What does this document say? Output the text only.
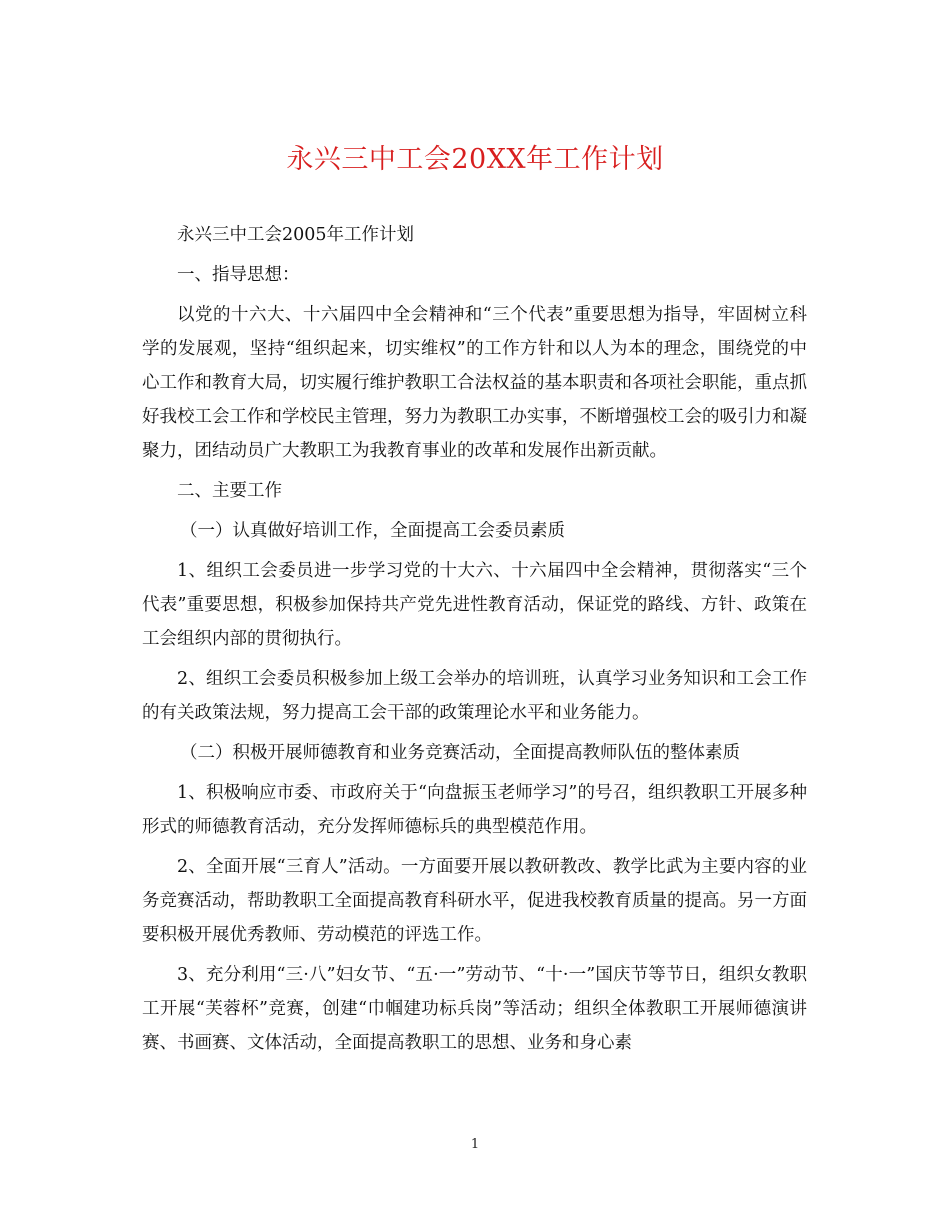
永兴三中工会20XX年工作计划

永兴三中工会2005年工作计划

一、指导思想：

以党的十六大、十六届四中全会精神和“三个代表”重要思想为指导，牢固树立科学的发展观，坚持“组织起来，切实维权”的工作方针和以人为本的理念，围绕党的中心工作和教育大局，切实履行维护教职工合法权益的基本职责和各项社会职能，重点抓好我校工会工作和学校民主管理，努力为教职工办实事，不断增强校工会的吸引力和凝聚力，团结动员广大教职工为我教育事业的改革和发展作出新贡献。

二、主要工作

（一）认真做好培训工作，全面提高工会委员素质

1、组织工会委员进一步学习党的十大六、十六届四中全会精神，贯彻落实“三个代表”重要思想，积极参加保持共产党先进性教育活动，保证党的路线、方针、政策在工会组织内部的贯彻执行。

2、组织工会委员积极参加上级工会举办的培训班，认真学习业务知识和工会工作的有关政策法规，努力提高工会干部的政策理论水平和业务能力。

（二）积极开展师德教育和业务竞赛活动，全面提高教师队伍的整体素质

1、积极响应市委、市政府关于“向盘振玉老师学习”的号召，组织教职工开展多种形式的师德教育活动，充分发挥师德标兵的典型模范作用。

2、全面开展“三育人”活动。一方面要开展以教研教改、教学比武为主要内容的业务竞赛活动，帮助教职工全面提高教育科研水平，促进我校教育质量的提高。另一方面要积极开展优秀教师、劳动模范的评选工作。

3、充分利用“三·八”妇女节、“五·一”劳动节、“十·一”国庆节等节日，组织女教职工开展“芙蓉杯”竞赛，创建“巾帼建功标兵岗”等活动；组织全体教职工开展师德演讲赛、书画赛、文体活动，全面提高教职工的思想、业务和身心素

1
